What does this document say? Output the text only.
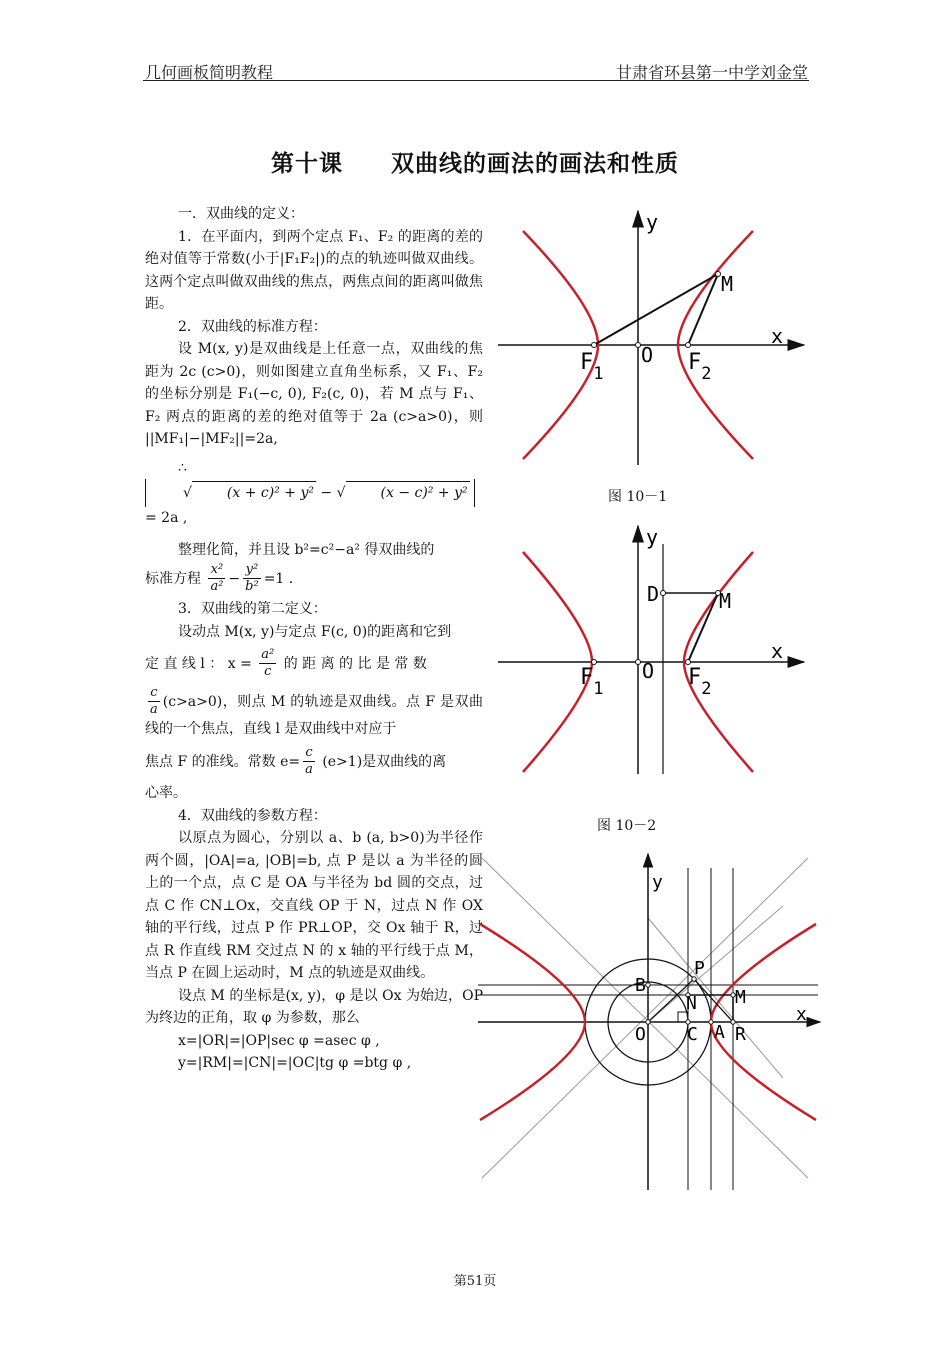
几何画板简明教程	甘肃省环县第一中学刘金堂
第十课 双曲线的画法的画法和性质

一．双曲线的定义：

1．在平面内，到两个定点 F₁、F₂ 的距离的差的绝对值等于常数(小于|F₁F₂|)的点的轨迹叫做双曲线。这两个定点叫做双曲线的焦点，两焦点间的距离叫做焦距。

2．双曲线的标准方程：

设 M(x, y)是双曲线是上任意一点，双曲线的焦距为 2c (c>0)，则如图建立直角坐标系，又 F₁、F₂ 的坐标分别是 F₁(−c, 0), F₂(c, 0)，若 M 点与 F₁、F₂ 两点的距离的差的绝对值等于 2a (c>a>0)，则 ||MF₁|−|MF₂||=2a,

∴   √	(x + c)² + y² − √	(x − c)² + y² = 2a ,

整理化简，并且设 b²=c²−a² 得双曲线的

标准方程 $\frac{\text{x²}}{\text{a²}} - \frac{\text{y²}}{\text{b²}} =1$ .

3．双曲线的第二定义：

设动点 M(x, y)与定点 F(c, 0)的距离和它到

定 直 线 l ： $x = \frac{\text{a²}}{c}$ 的 距 离 的 比 是 常 数

$\frac{c}{a} (c>a>0)$，则点 M 的轨迹是双曲线。点 F 是双曲线的一个焦点，直线 l 是双曲线中对应于

焦点 F 的准线。常数 $e= \frac{c}{a} (e>1)$是双曲线的离

心率。

4．双曲线的参数方程：

以原点为圆心，分别以 a、b (a, b>0)为半径作两个圆，|OA|=a, |OB|=b, 点 P 是以 a 为半径的圆上的一个点，点 C 是 OA 与半径为 bd 圆的交点，过点 C 作 CN⊥Ox，交直线 OP 于 N，过点 N 作 OX 轴的平行线，过点 P 作 PR⊥OP，交 Ox 轴于 R，过点 R 作直线 RM 交过点 N 的 x 轴的平行线于点 M，当点 P 在圆上运动时，M 点的轨迹是双曲线。

设点 M 的坐标是(x, y)，φ 是以 Ox 为始边，OP 为终边的正角，取 φ 为参数，那么

x=|OR|=|OP|sec φ =asec φ ,

y=|RM|=|CN|=|OC|tg φ =btg φ ,

y
x
M
O
$F_1$	$F_2$
图 10－1
y
x
D	M
O
$F_1$	$F_2$
图 10－2
y
x
P
B
N M
O C A R
第51页
